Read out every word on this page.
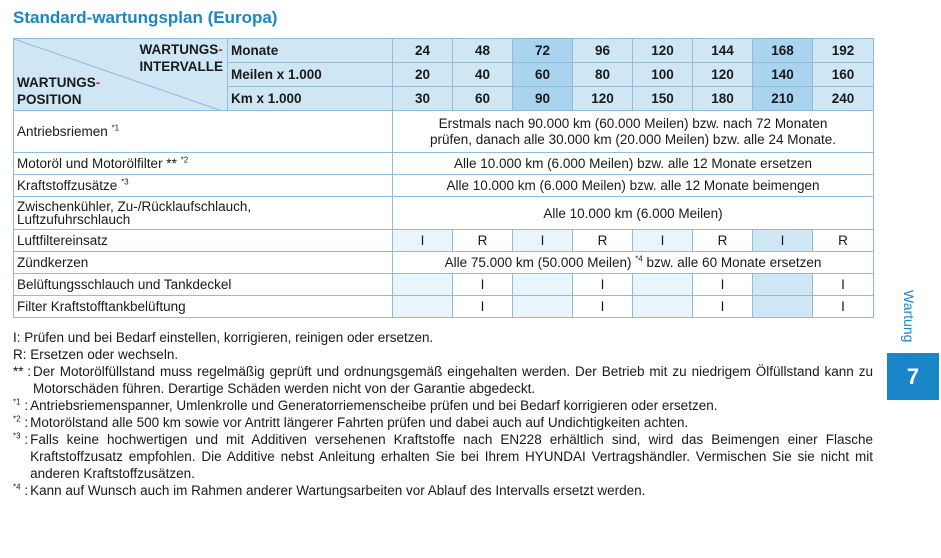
Standard-wartungsplan (Europa)
WARTUNGS-
INTERVALLE
WARTUNGS-
POSITION	Monate	24	48	72	96	120	144	168	192
	Meilen x 1.000	20	40	60	80	100	120	140	160
	Km x 1.000	30	60	90	120	150	180	210	240
Antriebsriemen $^{*1}$		Erstmals nach 90.000 km (60.000 Meilen) bzw. nach 72 Monaten
prüfen, danach alle 30.000 km (20.000 Meilen) bzw. alle 24 Monate.							
Motoröl und Motorölfilter ** $^{*2}$		Alle 10.000 km (6.000 Meilen) bzw. alle 12 Monate ersetzen							
Kraftstoffzusätze $^{*3}$		Alle 10.000 km (6.000 Meilen) bzw. alle 12 Monate beimengen							
Zwischenkühler, Zu-/Rücklaufschlauch,
Luftzufuhrschlauch		Alle 10.000 km (6.000 Meilen)							
Luftfiltereinsatz		I	R	I	R	I	R	I	R
Zündkerzen		Alle 75.000 km (50.000 Meilen) $^{*4}$ bzw. alle 60 Monate ersetzen							
Belüftungsschlauch und Tankdeckel			I		I		I		I
Filter Kraftstofftankbelüftung			I		I		I		I
I: Prüfen und bei Bedarf einstellen, korrigieren, reinigen oder ersetzen.
R: Ersetzen oder wechseln.
** : Der Motorölfüllstand muss regelmäßig geprüft und ordnungsgemäß eingehalten werden. Der Betrieb mit zu niedrigem Ölfüllstand kann zu Motorschäden führen. Derartige Schäden werden nicht von der Garantie abgedeckt.
$^{*1}$ : Antriebsriemenspanner, Umlenkrolle und Generatorriemenscheibe prüfen und bei Bedarf korrigieren oder ersetzen.
$^{*2}$ : Motorölstand alle 500 km sowie vor Antritt längerer Fahrten prüfen und dabei auch auf Undichtigkeiten achten.
$^{*3}$ : Falls keine hochwertigen und mit Additiven versehenen Kraftstoffe nach EN228 erhältlich sind, wird das Beimengen einer Flasche Kraftstoffzusatz empfohlen. Die Additive nebst Anleitung erhalten Sie bei Ihrem HYUNDAI Vertragshändler. Vermischen Sie sie nicht mit anderen Kraftstoffzusätzen.
$^{*4}$ : Kann auf Wunsch auch im Rahmen anderer Wartungsarbeiten vor Ablauf des Intervalls ersetzt werden.
Wartung
7
